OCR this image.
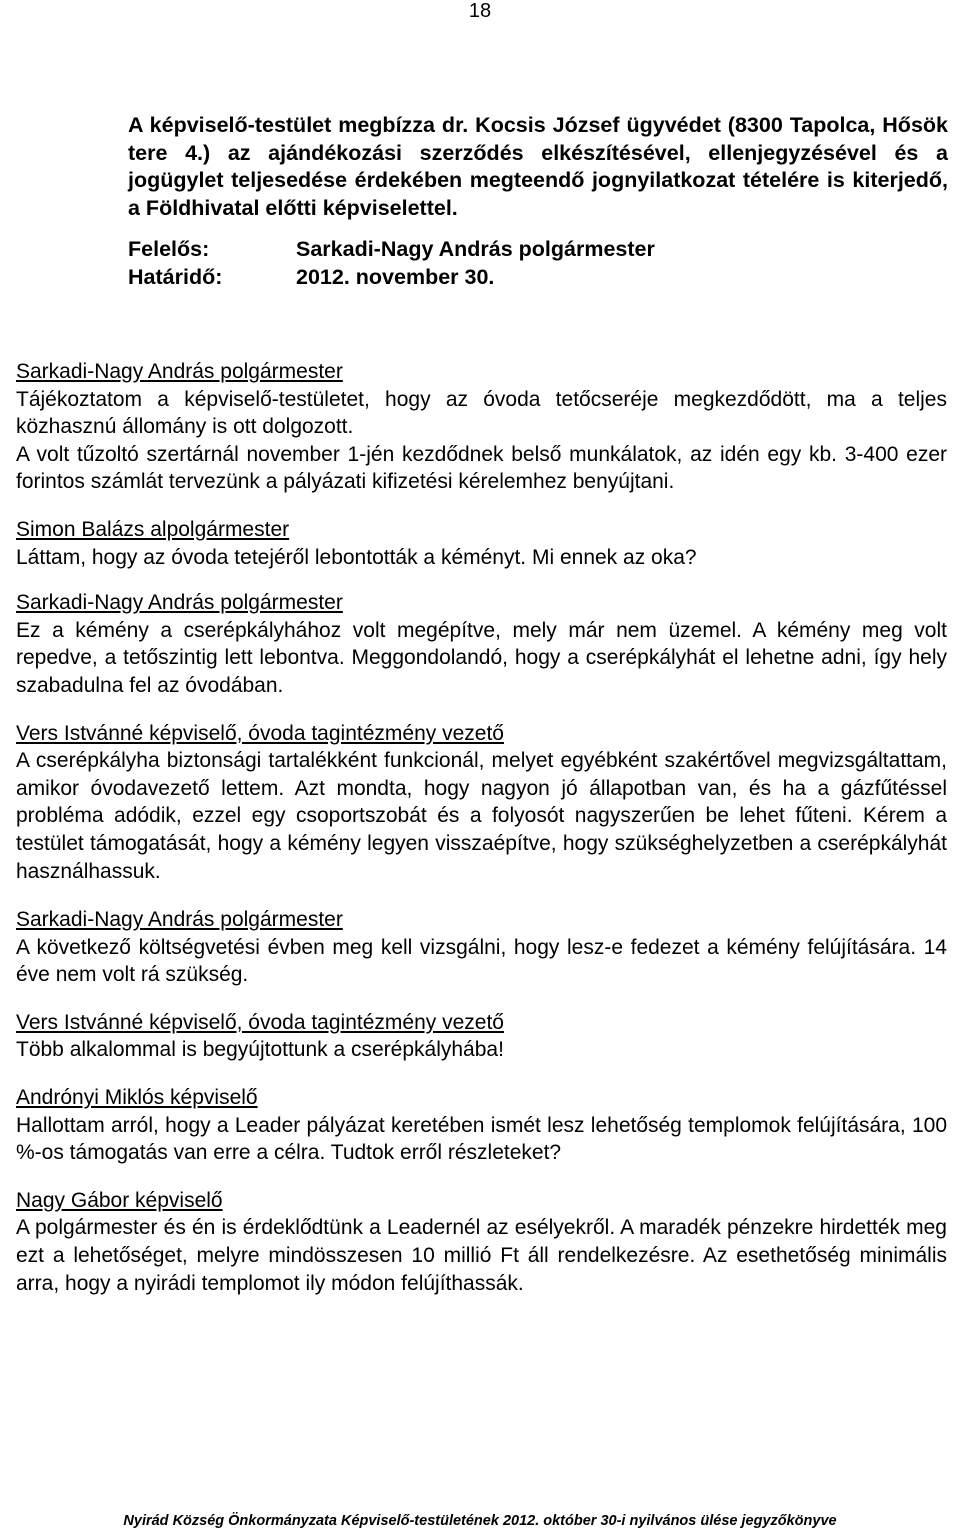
18

A képviselő-testület megbízza dr. Kocsis József ügyvédet (8300 Tapolca, Hősök tere 4.) az ajándékozási szerződés elkészítésével, ellenjegyzésével és a jogügylet teljesedése érdekében megteendő jognyilatkozat tételére is kiterjedő, a Földhivatal előtti képviselettel.

Felelős:	Sarkadi-Nagy András polgármester
Határidő:	2012. november 30.
Sarkadi-Nagy András polgármester

Tájékoztatom a képviselő-testületet, hogy az óvoda tetőcseréje megkezdődött, ma a teljes közhasznú állomány is ott dolgozott.

A volt tűzoltó szertárnál november 1-jén kezdődnek belső munkálatok, az idén egy kb. 3-400 ezer forintos számlát tervezünk a pályázati kifizetési kérelemhez benyújtani.

Simon Balázs alpolgármester

Láttam, hogy az óvoda tetejéről lebontották a kéményt. Mi ennek az oka?

Sarkadi-Nagy András polgármester

Ez a kémény a cserépkályhához volt megépítve, mely már nem üzemel. A kémény meg volt repedve, a tetőszintig lett lebontva. Meggondolandó, hogy a cserépkályhát el lehetne adni, így hely szabadulna fel az óvodában.

Vers Istvánné képviselő, óvoda tagintézmény vezető

A cserépkályha biztonsági tartalékként funkcionál, melyet egyébként szakértővel megvizsgáltattam, amikor óvodavezető lettem. Azt mondta, hogy nagyon jó állapotban van, és ha a gázfűtéssel probléma adódik, ezzel egy csoportszobát és a folyosót nagyszerűen be lehet fűteni. Kérem a testület támogatását, hogy a kémény legyen visszaépítve, hogy szükséghelyzetben a cserépkályhát használhassuk.

Sarkadi-Nagy András polgármester

A következő költségvetési évben meg kell vizsgálni, hogy lesz-e fedezet a kémény felújítására. 14 éve nem volt rá szükség.

Vers Istvánné képviselő, óvoda tagintézmény vezető

Több alkalommal is begyújtottunk a cserépkályhába!

Andrónyi Miklós képviselő

Hallottam arról, hogy a Leader pályázat keretében ismét lesz lehetőség templomok felújítására, 100 %-os támogatás van erre a célra. Tudtok erről részleteket?

Nagy Gábor képviselő

A polgármester és én is érdeklődtünk a Leadernél az esélyekről. A maradék pénzekre hirdették meg ezt a lehetőséget, melyre mindösszesen 10 millió Ft áll rendelkezésre. Az esethetőség minimális arra, hogy a nyirádi templomot ily módon felújíthassák.

Nyirád Község Önkormányzata Képviselő-testületének 2012. október 30-i nyilvános ülése jegyzőkönyve
